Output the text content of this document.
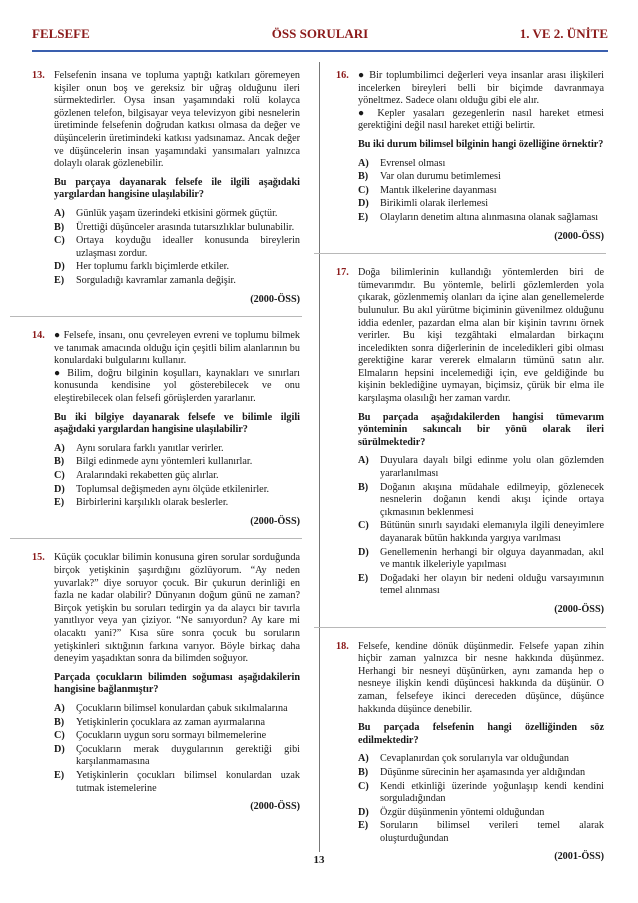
FELSEFE	ÖSS SORULARI	1. VE 2. ÜNİTE
13. Felsefenin insana ve topluma yaptığı katkıları göremeyen kişiler onun boş ve gereksiz bir uğraş olduğunu ileri sürmektedirler. Oysa insan yaşamındaki rolü kolayca gözlenen telefon, bilgisayar veya televizyon gibi nesnelerin üretiminde felsefenin doğrudan katkısı olmasa da değer ve düşüncelerin üretimindeki katkısı yadsınamaz. Ancak değer ve düşüncelerin insan yaşamındaki yansımaları yalnızca dolaylı olarak gözlenebilir.

Bu parçaya dayanarak felsefe ile ilgili aşağıdaki yargılardan hangisine ulaşılabilir?

A) Günlük yaşam üzerindeki etkisini görmek güçtür.
B) Ürettiği düşünceler arasında tutarsızlıklar bulunabilir.
C) Ortaya koyduğu idealler konusunda bireylerin uzlaşması zordur.
D) Her toplumu farklı biçimlerde etkiler.
E) Sorguladığı kavramlar zamanla değişir.
(2000-ÖSS)
14. ● Felsefe, insanı, onu çevreleyen evreni ve toplumu bilmek ve tanımak amacında olduğu için çeşitli bilim alanlarının bu konulardaki bulgularını kullanır.

● Bilim, doğru bilginin koşulları, kaynakları ve sınırları konusunda kendisine yol gösterebilecek ve onu eleştirebilecek olan felsefi görüşlerden yararlanır.

Bu iki bilgiye dayanarak felsefe ve bilimle ilgili aşağıdaki yargılardan hangisine ulaşılabilir?

A) Aynı sorulara farklı yanıtlar verirler.
B) Bilgi edinmede aynı yöntemleri kullanırlar.
C) Aralarındaki rekabetten güç alırlar.
D) Toplumsal değişmeden aynı ölçüde etkilenirler.
E) Birbirlerini karşılıklı olarak beslerler.
(2000-ÖSS)
15. Küçük çocuklar bilimin konusuna giren sorular sorduğunda birçok yetişkinin şaşırdığını gözlüyorum. “Ay neden yuvarlak?” diye soruyor çocuk. Bir çukurun derinliği en fazla ne kadar olabilir? Dünyanın doğum günü ne zaman? Birçok yetişkin bu soruları tedirgin ya da alaycı bir tavırla yanıtlıyor veya yan çiziyor. “Ne sanıyordun? Ay kare mi olacaktı yani?” Kısa süre sonra çocuk bu soruların yetişkinleri sıktığının farkına varıyor. Böyle birkaç daha deneyim yaşadıktan sonra da bilimden soğuyor.

Parçada çocukların bilimden soğuması aşağıdakilerin hangisine bağlanmıştır?

A) Çocukların bilimsel konulardan çabuk sıkılmalarına
B) Yetişkinlerin çocuklara az zaman ayırmalarına
C) Çocukların uygun soru sormayı bilmemelerine
D) Çocukların merak duygularının gerektiği gibi karşılanmamasına
E) Yetişkinlerin çocukları bilimsel konulardan uzak tutmak istemelerine
(2000-ÖSS)
16. ● Bir toplumbilimci değerleri veya insanlar arası ilişkileri incelerken bireyleri belli bir biçimde davranmaya yöneltmez. Sadece olanı olduğu gibi ele alır.

● Kepler yasaları gezegenlerin nasıl hareket etmesi gerektiğini değil nasıl hareket ettiği belirtir.

Bu iki durum bilimsel bilginin hangi özelliğine örnektir?

A) Evrensel olması
B) Var olan durumu betimlemesi
C) Mantık ilkelerine dayanması
D) Birikimli olarak ilerlemesi
E) Olayların denetim altına alınmasına olanak sağlaması
(2000-ÖSS)
17. Doğa bilimlerinin kullandığı yöntemlerden biri de tümevarımdır. Bu yöntemle, belirli gözlemlerden yola çıkarak, gözlenmemiş olanları da içine alan genellemelerde bulunulur. Bu akıl yürütme biçiminin güvenilmez olduğunu iddia edenler, pazardan elma alan bir kişinin tavrını örnek verirler. Bu kişi tezgâhtaki elmalardan birkaçını inceledikten sonra diğerlerinin de inceledikleri gibi olması gerektiğine karar vererek elmaların tümünü satın alır. Elmaların hepsini incelemediği için, eve geldiğinde bu kişinin beklediğine uymayan, biçimsiz, çürük bir elma ile karşılaşma olasılığı her zaman vardır.

Bu parçada aşağıdakilerden hangisi tümevarım yönteminin sakıncalı bir yönü olarak ileri sürülmektedir?

A) Duyulara dayalı bilgi edinme yolu olan gözlemden yararlanılması
B) Doğanın akışına müdahale edilmeyip, gözlenecek nesnelerin doğanın kendi akışı içinde ortaya çıkmasının beklenmesi
C) Bütünün sınırlı sayıdaki elemanıyla ilgili deneyimlere dayanarak bütün hakkında yargıya varılması
D) Genellemenin herhangi bir olguya dayanmadan, akıl ve mantık ilkeleriyle yapılması
E) Doğadaki her olayın bir nedeni olduğu varsayımının temel alınması
(2000-ÖSS)
18. Felsefe, kendine dönük düşünmedir. Felsefe yapan zihin hiçbir zaman yalnızca bir nesne hakkında düşünmez. Herhangi bir nesneyi düşünürken, aynı zamanda hep o nesneye ilişkin kendi düşüncesi hakkında da düşünür. O zaman, felsefeye ikinci dereceden düşünce, düşünce hakkında düşünce denebilir.

Bu parçada felsefenin hangi özelliğinden söz edilmektedir?

A) Cevaplanırdan çok sorularıyla var olduğundan
B) Düşünme sürecinin her aşamasında yer aldığından
C) Kendi etkinliği üzerinde yoğunlaşıp kendi kendini sorguladığından
D) Özgür düşünmenin yöntemi olduğundan
E) Soruların bilimsel verileri temel alarak oluşturduğundan
(2001-ÖSS)
13
